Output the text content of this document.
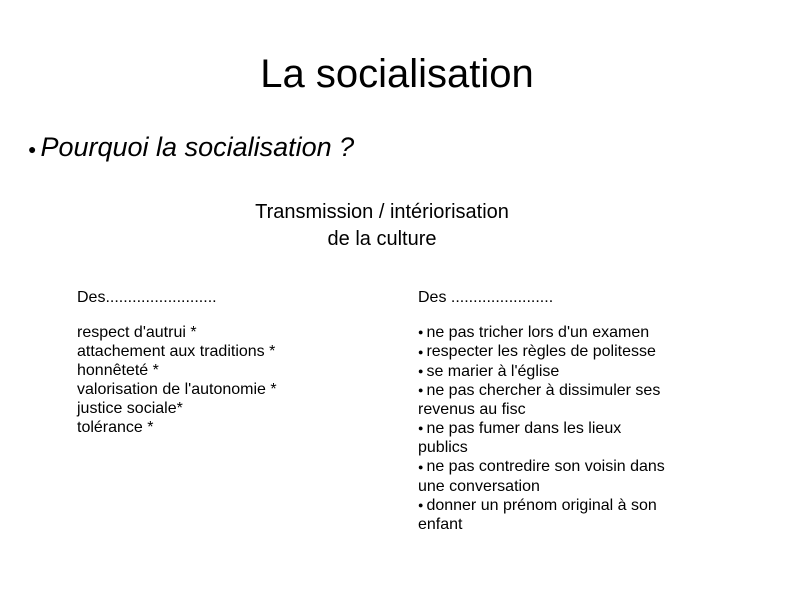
La socialisation
● Pourquoi la socialisation ?
Transmission / intériorisation
de la culture
Des.........................	Des .......................
respect d'autrui *
attachement aux traditions *
honnêteté *
valorisation de l'autonomie *
justice sociale*
tolérance *
● ne pas tricher lors d'un examen
● respecter les règles de politesse
● se marier à l'église
● ne pas chercher à dissimuler ses revenus au fisc
● ne pas fumer dans les lieux publics
● ne pas contredire son voisin dans une conversation
● donner un prénom original à son enfant
